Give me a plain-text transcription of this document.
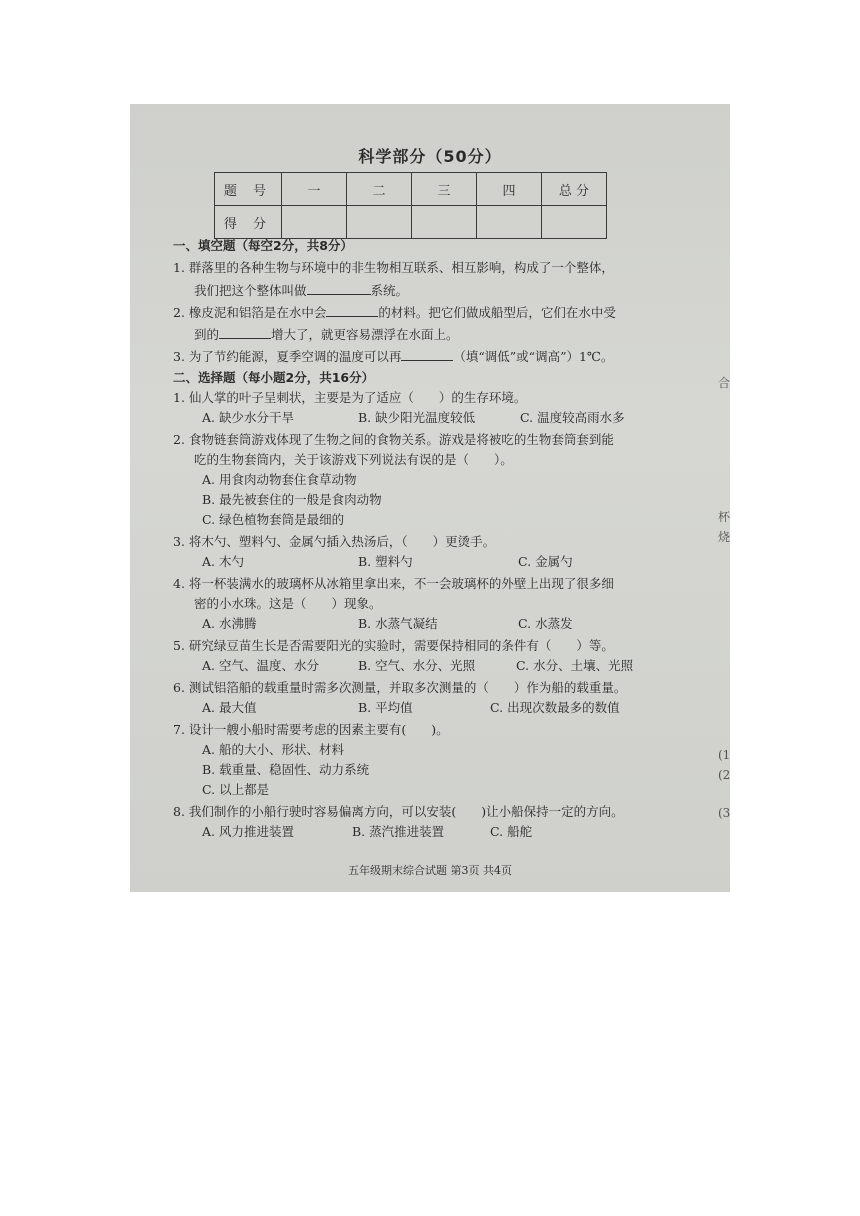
科学部分（50分）
题 号	一	二	三	四	总 分
得 分					
一、填空题（每空2分，共8分）
1. 群落里的各种生物与环境中的非生物相互联系、相互影响，构成了一个整体，
我们把这个整体叫做	系统。
2. 橡皮泥和铝箔是在水中会	的材料。把它们做成船型后，它们在水中受
到的	增大了，就更容易漂浮在水面上。
3. 为了节约能源，夏季空调的温度可以再	（填“调低”或“调高”）1℃。
二、选择题（每小题2分，共16分）
1. 仙人掌的叶子呈刺状，主要是为了适应（　　）的生存环境。
A. 缺少水分干旱	B. 缺少阳光温度较低	C. 温度较高雨水多
2. 食物链套筒游戏体现了生物之间的食物关系。游戏是将被吃的生物套筒套到能
吃的生物套筒内，关于该游戏下列说法有误的是（　　）。
A. 用食肉动物套住食草动物
B. 最先被套住的一般是食肉动物
C. 绿色植物套筒是最细的
3. 将木勺、塑料勺、金属勺插入热汤后，（　　）更烫手。
A. 木勺	B. 塑料勺	C. 金属勺
4. 将一杯装满水的玻璃杯从冰箱里拿出来，不一会玻璃杯的外壁上出现了很多细
密的小水珠。这是（　　）现象。
A. 水沸腾	B. 水蒸气凝结	C. 水蒸发
5. 研究绿豆苗生长是否需要阳光的实验时，需要保持相同的条件有（　　）等。
A. 空气、温度、水分	B. 空气、水分、光照	C. 水分、土壤、光照
6. 测试铝箔船的载重量时需多次测量，并取多次测量的（　　）作为船的载重量。
A. 最大值	B. 平均值	C. 出现次数最多的数值
7. 设计一艘小船时需要考虑的因素主要有(　　)。
A. 船的大小、形状、材料
B. 载重量、稳固性、动力系统
C. 以上都是
8. 我们制作的小船行驶时容易偏离方向，可以安装(　　)让小船保持一定的方向。
A. 风力推进装置	B. 蒸汽推进装置	C. 船舵
五年级期末综合试题 第3页 共4页
合
杯
烧
(1
(2
(3
